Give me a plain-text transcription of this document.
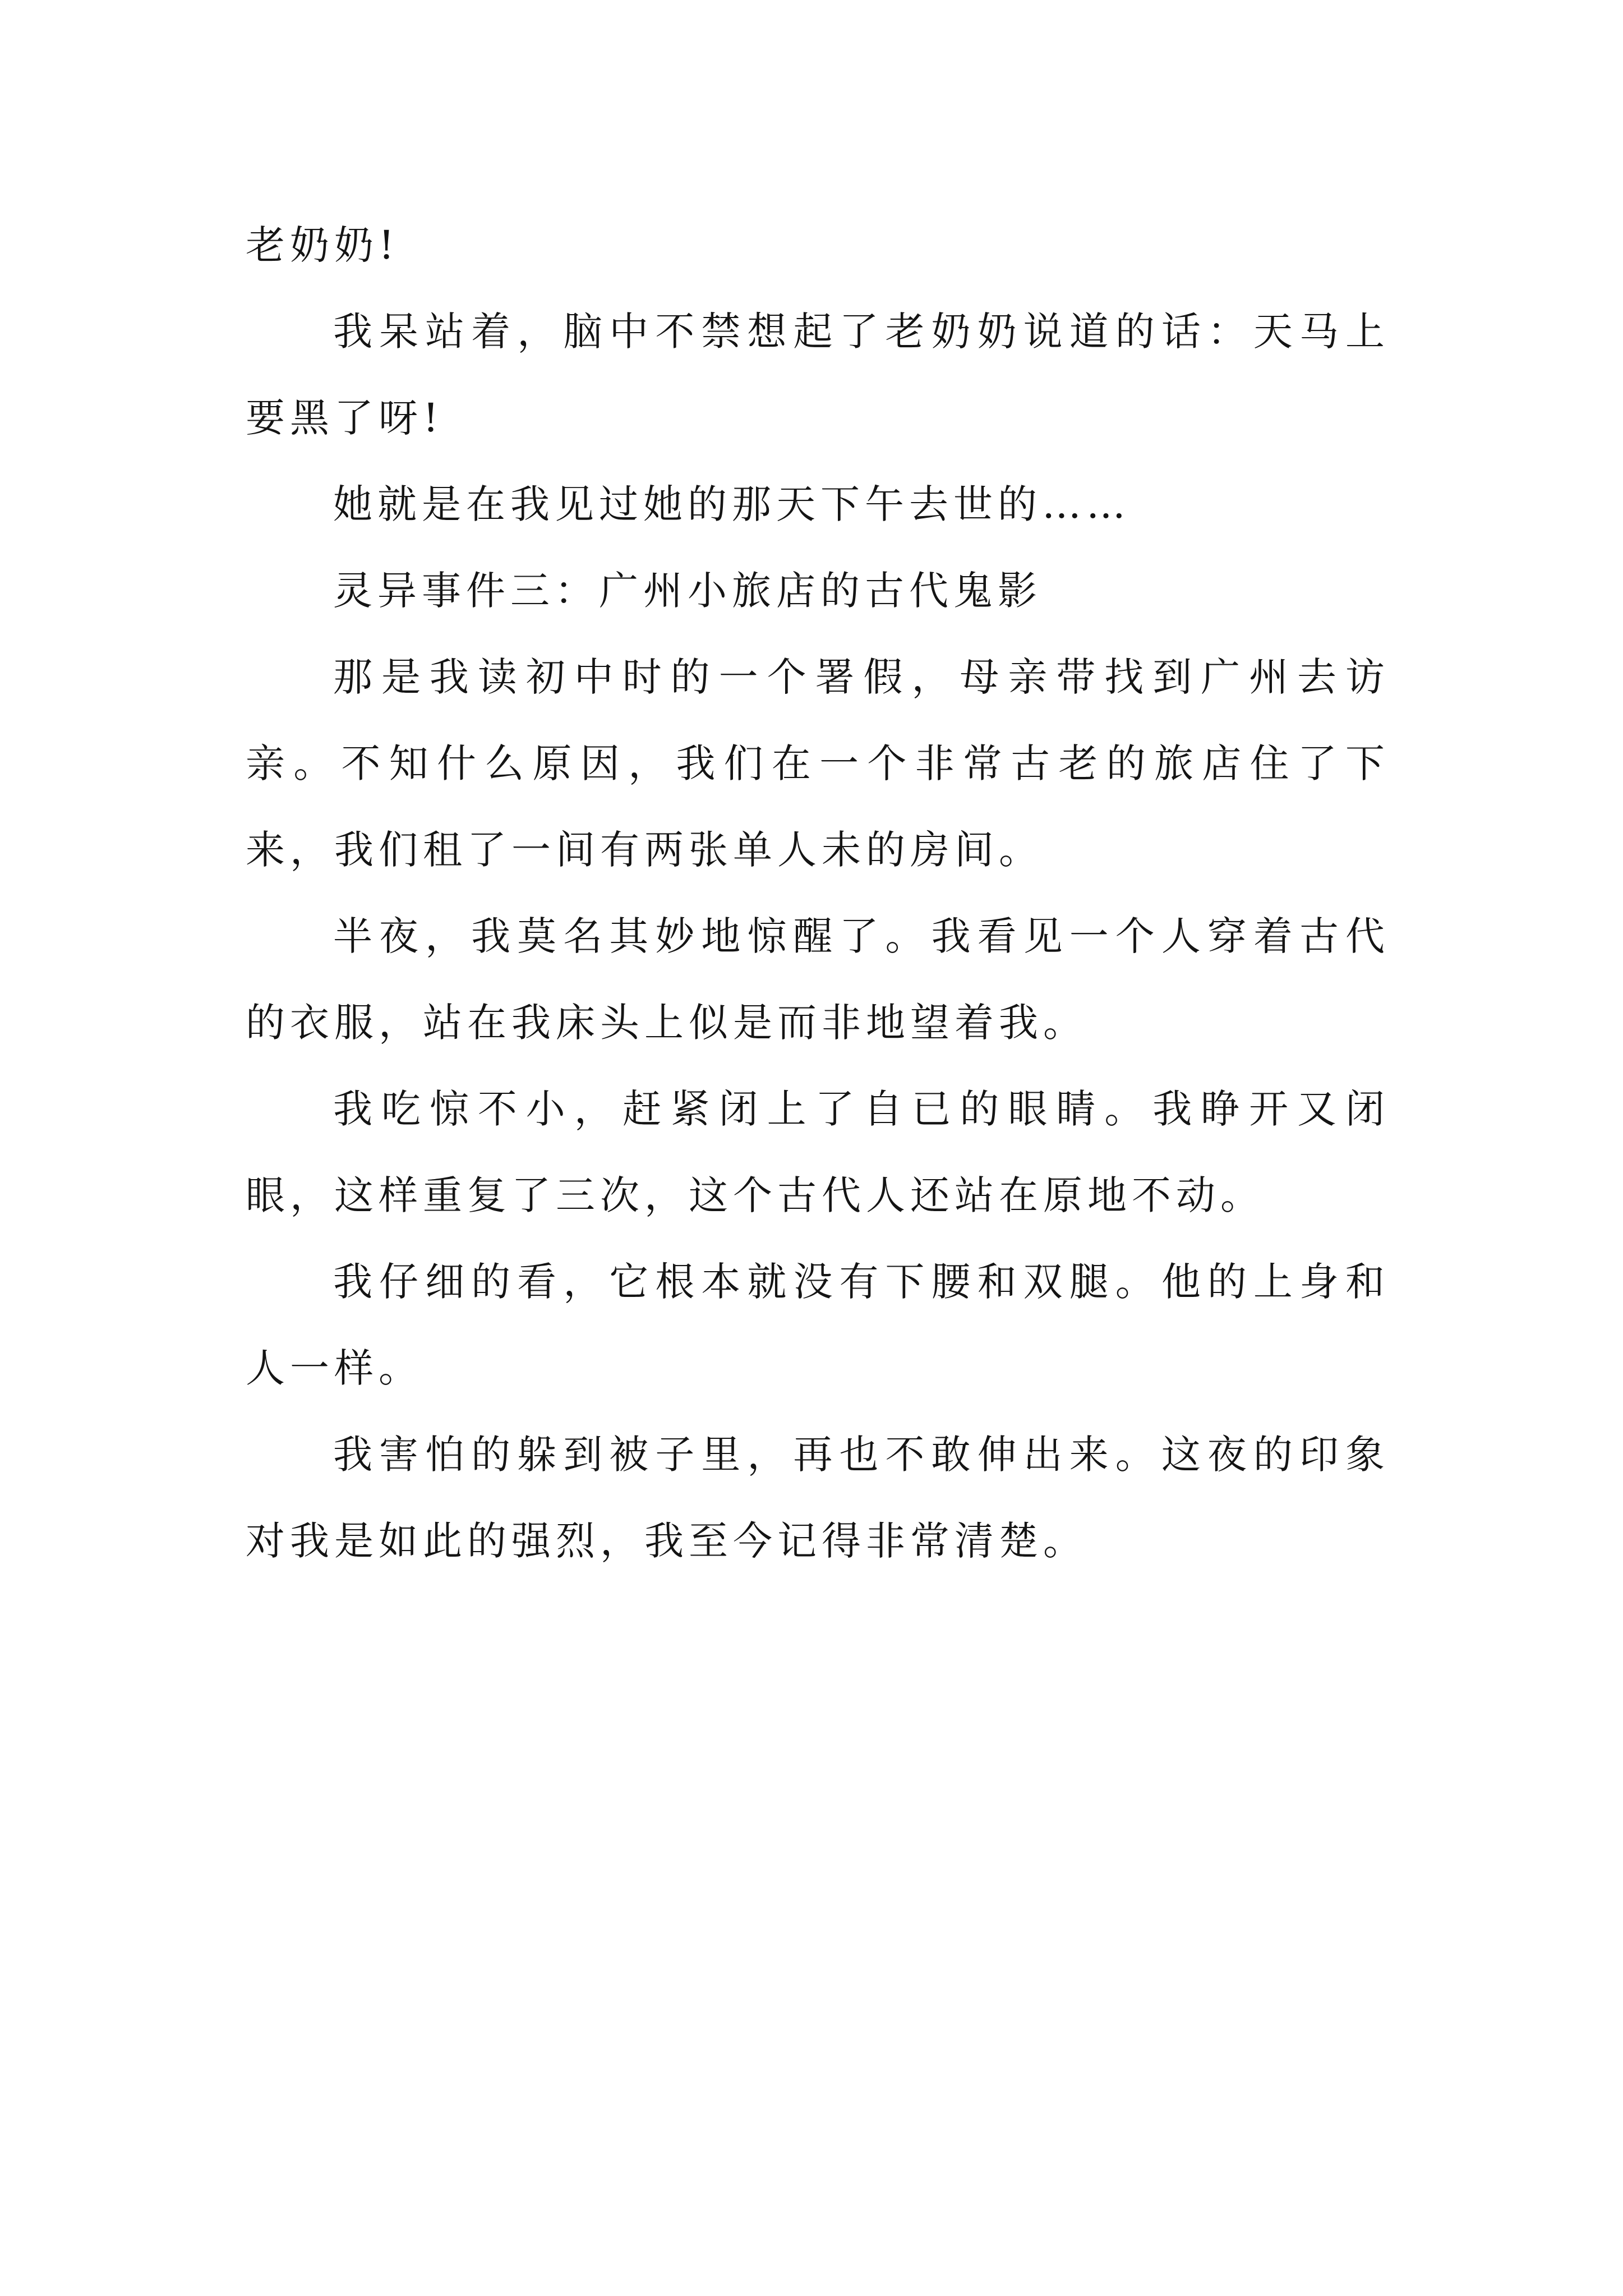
老奶奶!

我呆站着，脑中不禁想起了老奶奶说道的话：天马上要黑了呀!

她就是在我见过她的那天下午去世的……

灵异事件三：广州小旅店的古代鬼影

那是我读初中时的一个署假，母亲带找到广州去访亲。不知什么原因，我们在一个非常古老的旅店住了下来，我们租了一间有两张单人未的房间。

半夜，我莫名其妙地惊醒了。我看见一个人穿着古代的衣服，站在我床头上似是而非地望着我。

我吃惊不小，赶紧闭上了自已的眼睛。我睁开又闭眼，这样重复了三次，这个古代人还站在原地不动。

我仔细的看，它根本就没有下腰和双腿。他的上身和人一样。

我害怕的躲到被子里，再也不敢伸出来。这夜的印象对我是如此的强烈，我至今记得非常清楚。
